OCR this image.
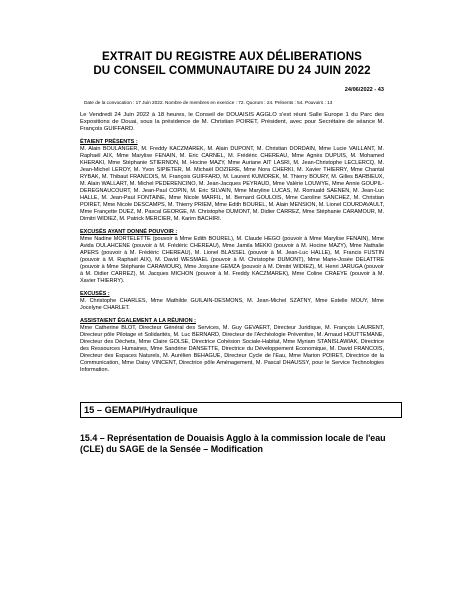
EXTRAIT DU REGISTRE AUX DÉLIBERATIONS

DU CONSEIL COMMUNAUTAIRE DU 24 JUIN 2022

24/06/2022 - 43
Date de la convocation : 17 Juin 2022. Nombre de membres en exercice : 72. Quorum : 24. Présents : 54. Pouvoirs : 13
Le Vendredi 24 Juin 2022 à 18 heures, le Conseil de DOUAISIS AGGLO s'est réuni Salle Europe 1 du Parc des Expositions de Douai, sous la présidence de M. Christian POIRET, Président, avec pour Secrétaire de séance M. François GUIFFARD.

ÉTAIENT PRÉSENTS :

M. Alain BOULANGER, M. Freddy KACZMAREK, M. Alain DUPONT, M. Christian DORDAIN, Mme Lucie VAILLANT, M. Raphaël AIX, Mme Marylise FENAIN, M. Eric CARNEL, M. Frédéric CHEREAU, Mme Agnès DUPUIS, M. Mohamed KHERAKI, Mme Stéphanie STIERNON, M. Hocine MAZY, Mme Auriane AIT LASRI, M. Jean-Christophe LECLERCQ, M. Jean-Michel LEROY, M. Yvon SIPIETER, M. Michaël DOZIERE, Mme Nora CHERKI, M. Xavier THIERRY, Mme Chantal RYBAK, M. Thibaut FRANCOIS, M. François GUIFFARD, M. Laurent KUMOREK, M. Thierry BOURY, M. Gilles BARBIEUX, M. Alain WALLART, M. Michel PEDERENCINO, M. Jean-Jacques PEYRAUD, Mme Valérie LOUWYE, Mme Annie GOUPIL-DEREGNAUCOURT, M. Jean-Paul COPIN, M. Eric SILVAIN, Mme Maryline LUCAS, M. Romuald SAENEN, M. Jean-Luc HALLE, M. Jean-Paul FONTAINE, Mme Nicole MARFIL, M. Bernard GOULOIS, Mme Caroline SANCHEZ, M. Christian POIRET, Mme Nicole DESCAMPS, M. Thierry PRIEM, Mme Edith BOUREL, M. Alain MENSION, M. Lionel COURDAVAULT, Mme Françette DUEZ, M. Pascal GEORGE, M. Christophe DUMONT, M. Didier CARREZ, Mme Stéphanie CARAMOUR, M. Dimitri WIDIEZ, M. Patrick MERCIER, M. Karim BACHIRI.

EXCUSÉS AYANT DONNÉ POUVOIR :

Mme Nadine MORTELETTE (pouvoir à Mme Edith BOUREL), M. Claude HEGO (pouvoir à Mme Marylise FENAIN), Mme Avida OULAHCENE (pouvoir à M. Frédéric CHEREAU), Mme Jamila MEKKI (pouvoir à M. Hocine MAZY), Mme Nathalie APERS (pouvoir à M. Frédéric CHEREAU), M. Lionel BLASSEL (pouvoir à M. Jean-Luc HALLE), M. Francis FUSTIN (pouvoir à M. Raphaël AIX), M. David WESMAEL (pouvoir à M. Christophe DUMONT), Mme Marie-Josée DELATTRE (pouvoir à Mme Stéphanie CARAMOUR), Mme Josyane GEMZA (pouvoir à M. Dimitri WIDIEZ), M. Henri JARUGA (pouvoir à M. Didier CARREZ), M. Jacques MICHON (pouvoir à M. Freddy KACZMAREK), Mme Coline CRAEYE (pouvoir à M. Xavier THIERRY).

EXCUSÉS :

M. Christophe CHARLES, Mme Mathilde GUILAIN-DESMONS, M. Jean-Michel SZATNY, Mme Estelle MOUY, Mme Jocelyne CHARLET.

ASSISTAIENT ÉGALEMENT A LA RÉUNION :

Mme Catherine BLOT, Directeur Général des Services, M. Guy GEVAERT, Directeur Juridique, M. François LAURENT, Directeur pôle Pilotage et Solidarités, M. Luc BERNARD, Directeur de l'Archéologie Préventive, M. Arnaud HOUTTEMANE, Directeur des Déchets, Mme Claire GOLSE, Directrice Cohésion Sociale-Habitat, Mme Myriam STANISLAWIAK, Directrice des Ressources Humaines, Mme Sandrine DANSETTE, Directrice du Développement Economique, M. David FRANCOIS, Directeur des Espaces Naturels, M. Aurélien BEHAGUE, Directeur Cycle de l'Eau, Mme Marion POIRET, Directrice de la Communication, Mme Daisy VINCENT, Directrice pôle Aménagement, M. Pascal DHAUSSY, pour le Service Technologies Information.

15 – GEMAPI/Hydraulique
15.4 – Représentation de Douaisis Agglo à la commission locale de l'eau (CLE) du SAGE de la Sensée – Modification
